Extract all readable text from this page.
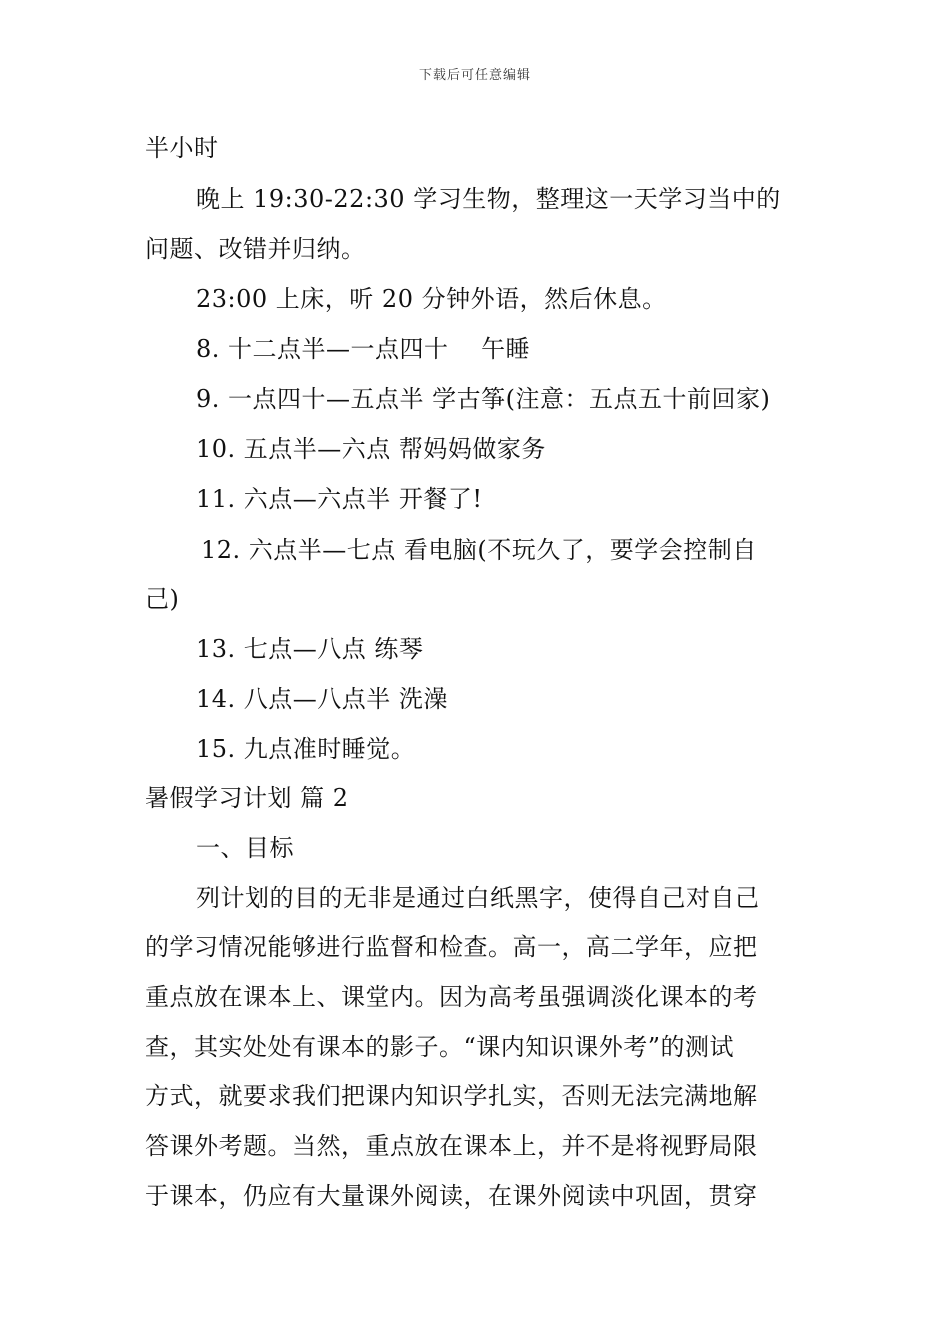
下载后可任意编辑
半小时
晚上 19:30-22:30 学习生物，整理这一天学习当中的
问题、改错并归纳。
23:00 上床，听 20 分钟外语，然后休息。
8. 十二点半—一点四十　 午睡
9. 一点四十—五点半 学古筝(注意：五点五十前回家)
10. 五点半—六点 帮妈妈做家务
11. 六点—六点半 开餐了!
12. 六点半—七点 看电脑(不玩久了，要学会控制自
己)
13. 七点—八点 练琴
14. 八点—八点半 洗澡
15. 九点准时睡觉。
暑假学习计划 篇 2
一、目标
列计划的目的无非是通过白纸黑字，使得自己对自己
的学习情况能够进行监督和检查。高一，高二学年，应把
重点放在课本上、课堂内。因为高考虽强调淡化课本的考
查，其实处处有课本的影子。“课内知识课外考”的测试
方式，就要求我们把课内知识学扎实，否则无法完满地解
答课外考题。当然，重点放在课本上，并不是将视野局限
于课本，仍应有大量课外阅读，在课外阅读中巩固，贯穿
